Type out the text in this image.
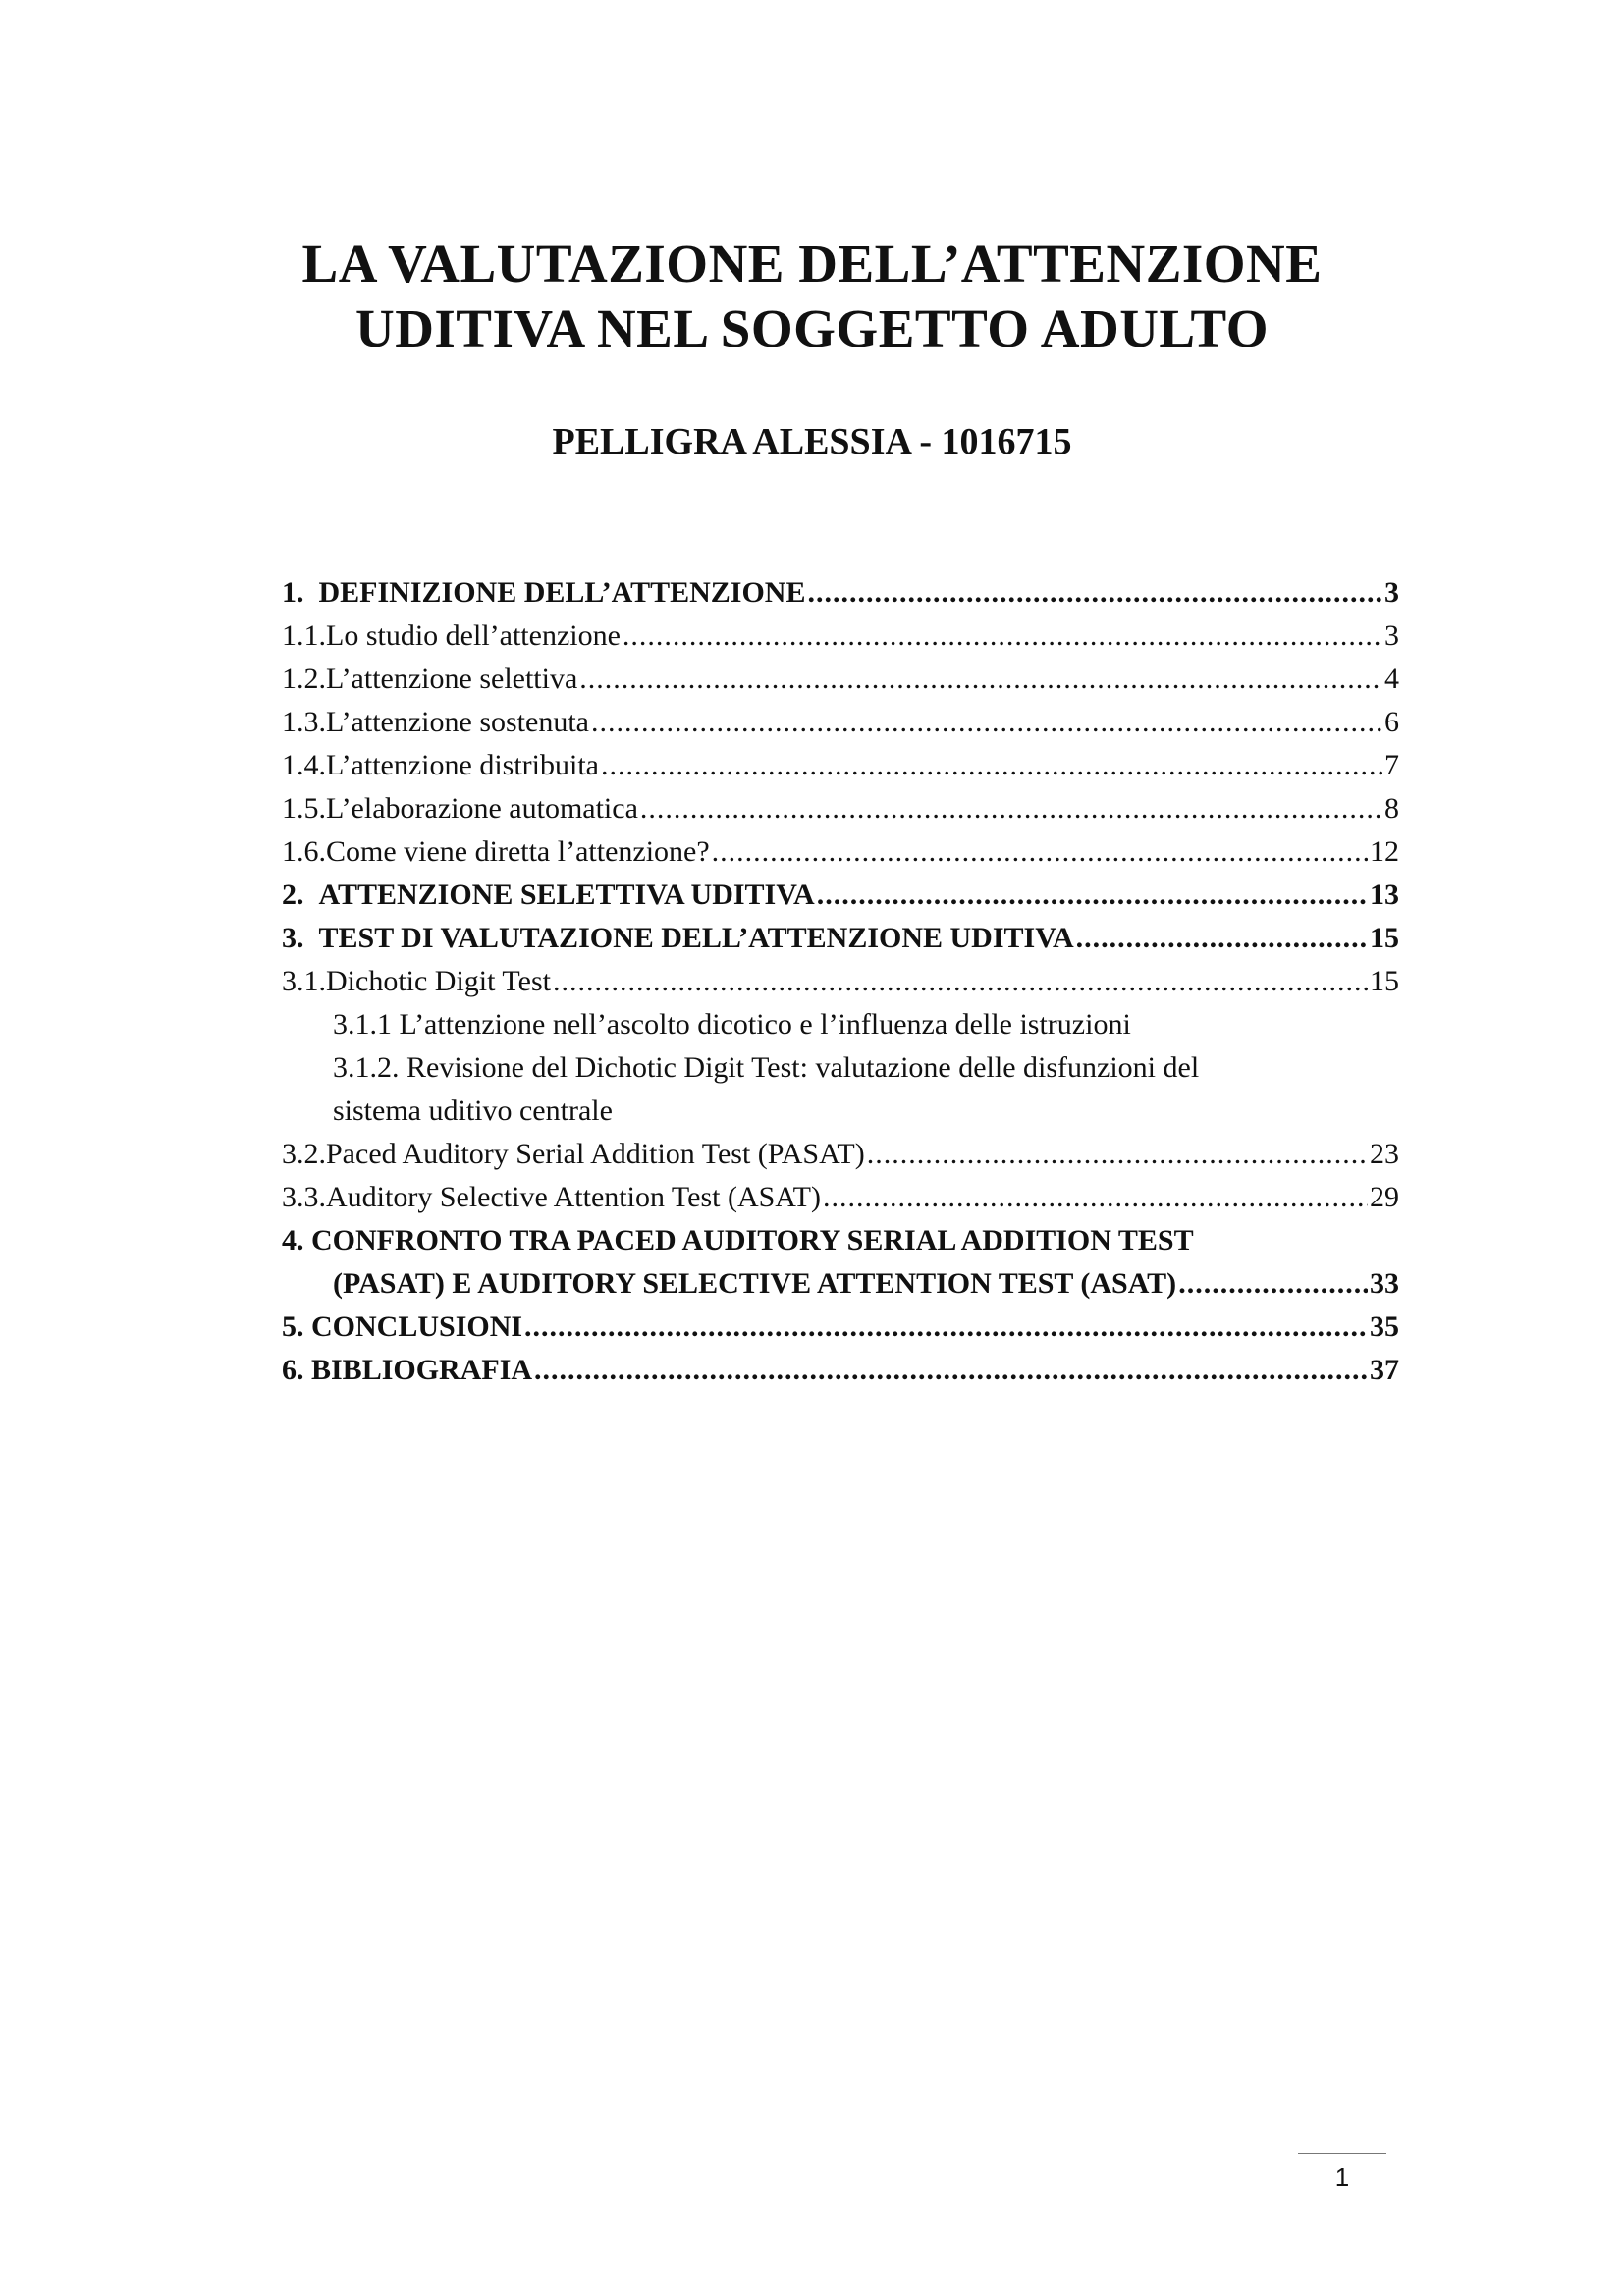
LA VALUTAZIONE DELL’ATTENZIONE
UDITIVA NEL SOGGETTO ADULTO
PELLIGRA ALESSIA - 1016715
1.  DEFINIZIONE DELL’ATTENZIONE .....	3
1.1.Lo studio dell’attenzione .....	3
1.2.L’attenzione selettiva .....	4
1.3.L’attenzione sostenuta .....	6
1.4.L’attenzione distribuita .....	7
1.5.L’elaborazione automatica .....	8
1.6.Come viene diretta l’attenzione? .....	12
2.  ATTENZIONE SELETTIVA UDITIVA .....	13
3.  TEST DI VALUTAZIONE DELL’ATTENZIONE UDITIVA .....	15
3.1.Dichotic Digit Test .....	15
3.1.1 L’attenzione nell’ascolto dicotico e l’influenza delle istruzioni
3.1.2. Revisione del Dichotic Digit Test: valutazione delle disfunzioni del
sistema uditivo centrale
3.2.Paced Auditory Serial Addition Test (PASAT) .....	23
3.3.Auditory Selective Attention Test (ASAT) .....	29
4. CONFRONTO TRA PACED AUDITORY SERIAL ADDITION TEST
(PASAT) E AUDITORY SELECTIVE ATTENTION TEST (ASAT) .....	33
5. CONCLUSIONI .....	35
6. BIBLIOGRAFIA .....	37
1
